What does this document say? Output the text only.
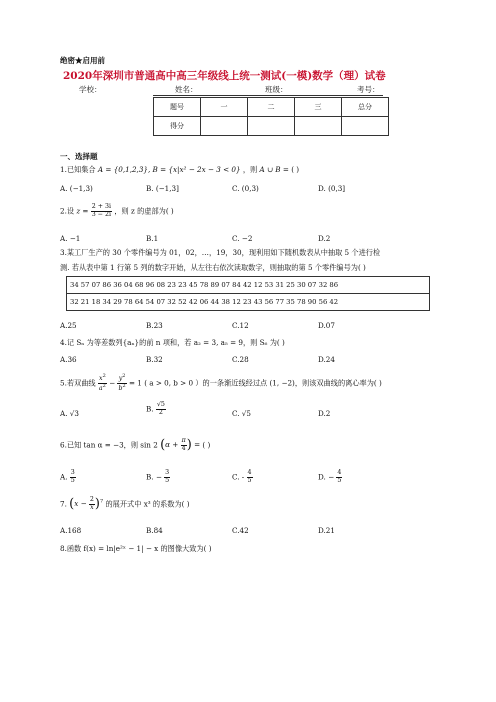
绝密★启用前
2020年深圳市普通高中高三年级线上统一测试(一模)数学（理）试卷
学校：	姓名：	班级：	考号：
题号	一	二	三	总分
得分				
一、选择题
1.已知集合 A = {0,1,2,3}, B = {x|x² − 2x − 3 < 0} ，则 A ∪ B = ( )
A. (−1,3)	B. (−1,3]	C. (0,3)	D. (0,3]
2.设 $z = \frac{2 + 3i}{3 - 2i}$ ，则 z 的虚部为( )
A. −1	B.1	C. −2	D.2
3.某工厂生产的 30 个零件编号为 01，02，…，19，30，现利用如下随机数表从中抽取 5 个进行检
测. 若从表中第 1 行第 5 列的数字开始，从左往右依次读取数字，则抽取的第 5 个零件编号为( )
34 57 07 86 36 04 68 96 08 23 23 45 78 89 07 84 42 12 53 31 25 30 07 32 86
32 21 18 34 29 78 64 54 07 32 52 42 06 44 38 12 23 43 56 77 35 78 90 56 42
A.25	B.23	C.12	D.07
4.记 Sₙ 为等差数列{aₙ}的前 n 项和，若 a₂ = 3, a₅ = 9，则 S₆ 为( )
A.36	B.32	C.28	D.24
5.若双曲线 $\frac{x^2}{a^2} - \frac{y^2}{b^2} = 1$ ( a > 0, b > 0 ）的一条渐近线经过点 (1, −2)，则该双曲线的离心率为( )
A. √3
B. $\frac{√5}{2}$	C. √5	D.2
6.已知 tan α = −3，则 sin 2 ($\alpha + \frac{\pi}{4}$ ) = ( )
A. $\frac{3}{5}$	B. − $\frac{3}{5}$	C. - $\frac{4}{5}$	D. − $\frac{4}{5}$
7. $(x - \frac{2}{x} )^7$ 的展开式中 x³ 的系数为( )
A.168	B.84	C.42	D.21
8.函数 f(x) = ln|e²ˣ − 1| − x 的图像大致为( )
